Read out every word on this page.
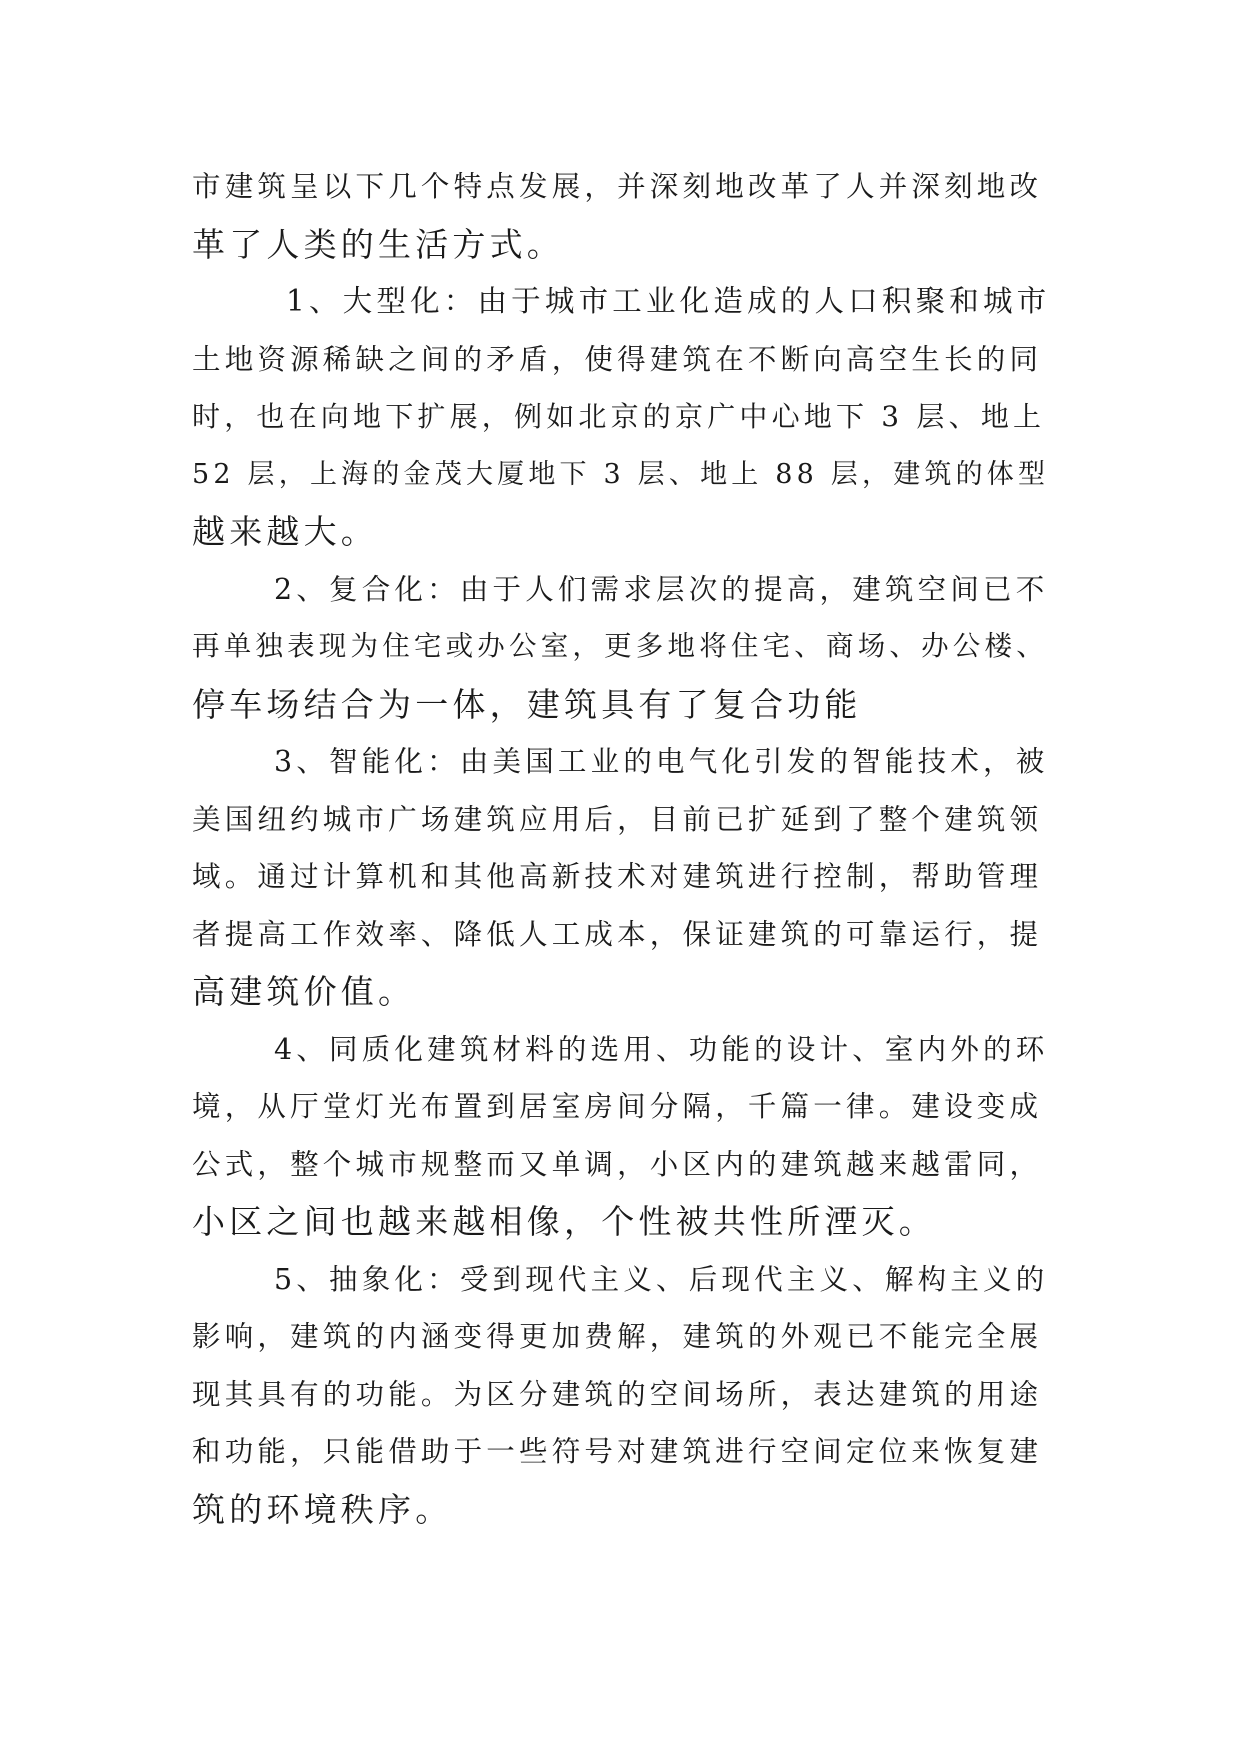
市建筑呈以下几个特点发展，并深刻地改革了人并深刻地改
革了人类的生活方式。
1、大型化：由于城市工业化造成的人口积聚和城市
土地资源稀缺之间的矛盾，使得建筑在不断向高空生长的同
时，也在向地下扩展，例如北京的京广中心地下 3 层、地上
52 层，上海的金茂大厦地下 3 层、地上 88 层，建筑的体型
越来越大。
2、复合化：由于人们需求层次的提高，建筑空间已不
再单独表现为住宅或办公室，更多地将住宅、商场、办公楼、
停车场结合为一体，建筑具有了复合功能
3、智能化：由美国工业的电气化引发的智能技术，被
美国纽约城市广场建筑应用后，目前已扩延到了整个建筑领
域。通过计算机和其他高新技术对建筑进行控制，帮助管理
者提高工作效率、降低人工成本，保证建筑的可靠运行，提
高建筑价值。
4、同质化建筑材料的选用、功能的设计、室内外的环
境，从厅堂灯光布置到居室房间分隔，千篇一律。建设变成
公式，整个城市规整而又单调，小区内的建筑越来越雷同，
小区之间也越来越相像，个性被共性所湮灭。
5、抽象化：受到现代主义、后现代主义、解构主义的
影响，建筑的内涵变得更加费解，建筑的外观已不能完全展
现其具有的功能。为区分建筑的空间场所，表达建筑的用途
和功能，只能借助于一些符号对建筑进行空间定位来恢复建
筑的环境秩序。
